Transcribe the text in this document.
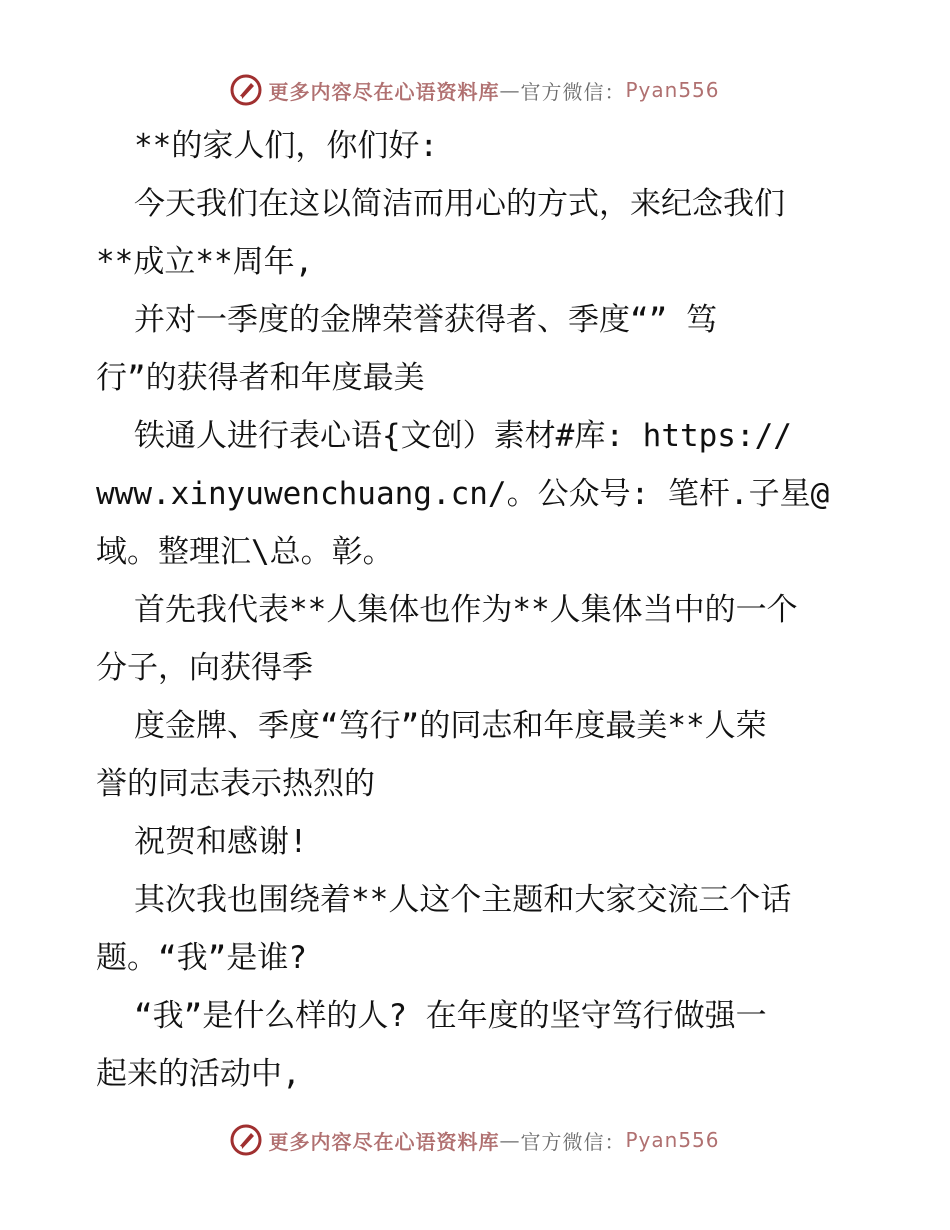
更多内容尽在心语资料库 — 官方微信： Pyan556
**的家人们，你们好:
今天我们在这以简洁而用心的方式，来纪念我们
**成立**周年,
并对一季度的金牌荣誉获得者、季度“” 笃
行”的获得者和年度最美
铁通人进行表心语{文创）素材#库: https://
www.xinyuwenchuang.cn/。公众号: 笔杆.子星@
域。整理汇\总。彰。
首先我代表**人集体也作为**人集体当中的一个
分子，向获得季
度金牌、季度“笃行”的同志和年度最美**人荣
誉的同志表示热烈的
祝贺和感谢!
其次我也围绕着**人这个主题和大家交流三个话
题。“我”是谁?
“我”是什么样的人? 在年度的坚守笃行做强一
起来的活动中,
更多内容尽在心语资料库 — 官方微信： Pyan556
